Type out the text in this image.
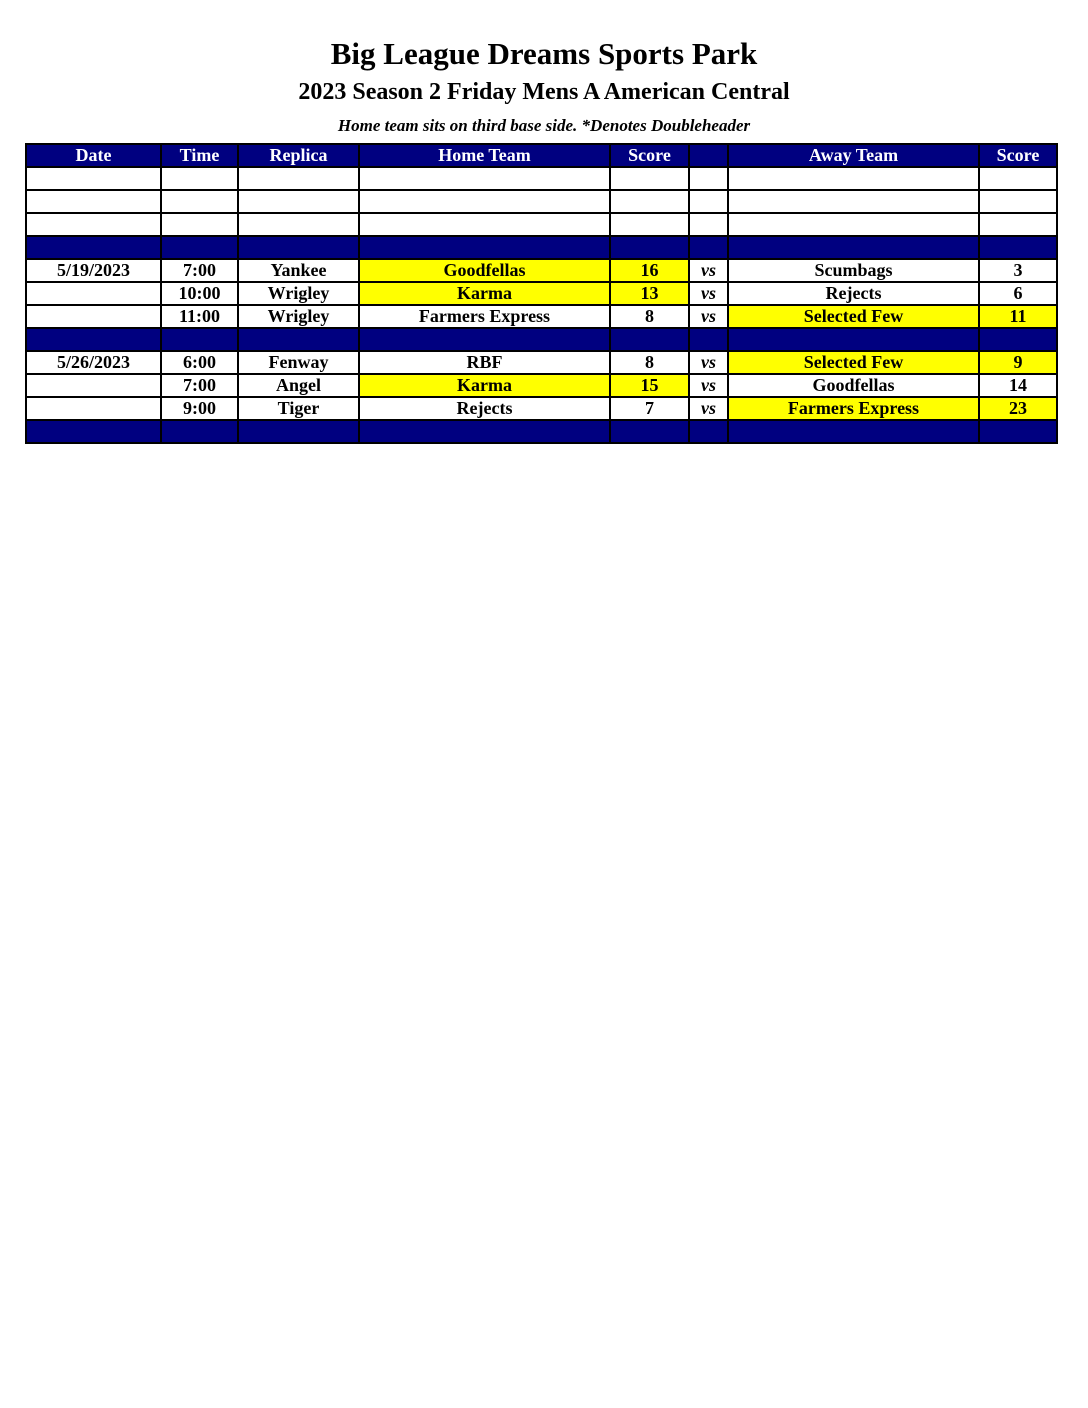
Big League Dreams Sports Park
2023 Season 2 Friday Mens A American Central
Home team sits on third base side. *Denotes Doubleheader
Date	Time	Replica	Home Team	Score		Away Team	Score

5/19/2023	7:00	Yankee	Goodfellas	16	vs	Scumbags	3
	10:00	Wrigley	Karma	13	vs	Rejects	6
	11:00	Wrigley	Farmers Express	8	vs	Selected Few	11

5/26/2023	6:00	Fenway	RBF	8	vs	Selected Few	9
	7:00	Angel	Karma	15	vs	Goodfellas	14
	9:00	Tiger	Rejects	7	vs	Farmers Express	23
